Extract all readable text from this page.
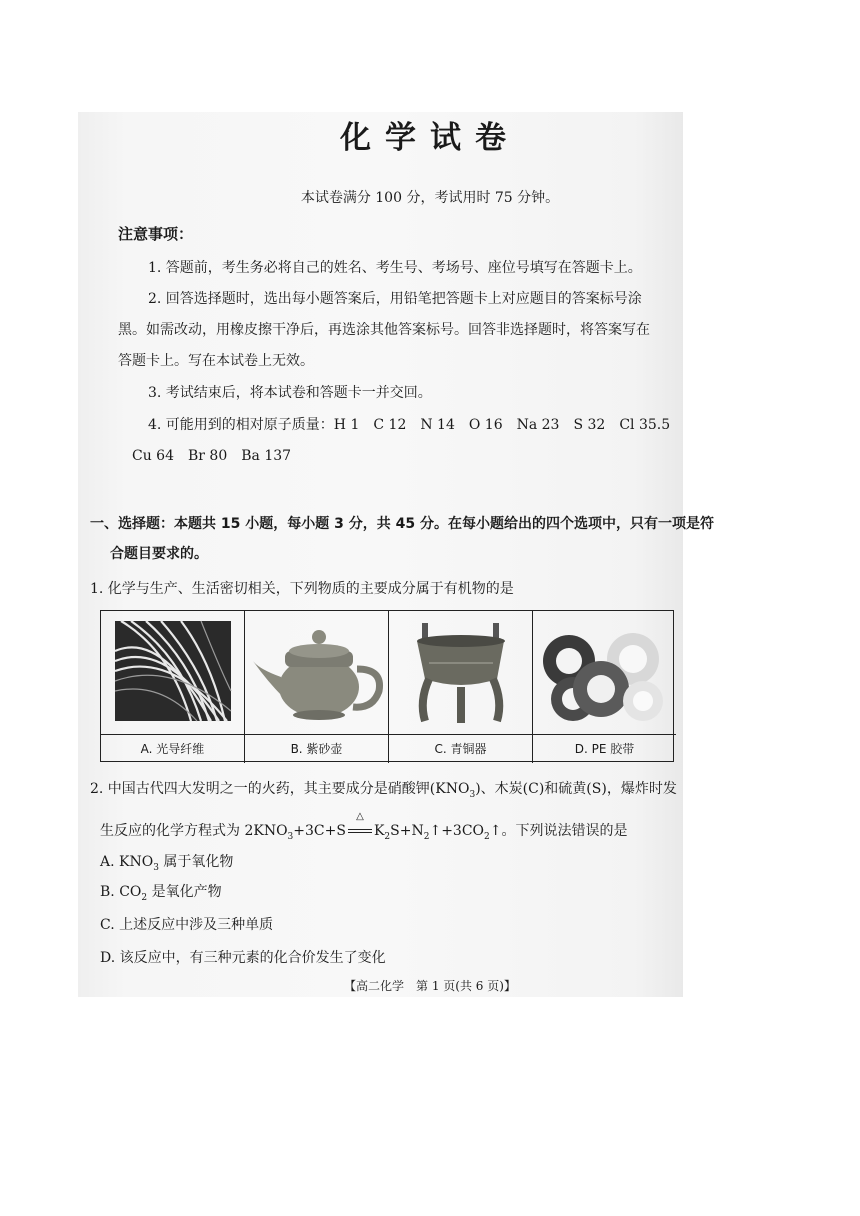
化学试卷
本试卷满分 100 分，考试用时 75 分钟。
注意事项：
1. 答题前，考生务必将自己的姓名、考生号、考场号、座位号填写在答题卡上。
2. 回答选择题时，选出每小题答案后，用铅笔把答题卡上对应题目的答案标号涂
黑。如需改动，用橡皮擦干净后，再选涂其他答案标号。回答非选择题时，将答案写在
答题卡上。写在本试卷上无效。
3. 考试结束后，将本试卷和答题卡一并交回。
4. 可能用到的相对原子质量：H 1　C 12　N 14　O 16　Na 23　S 32　Cl 35.5
Cu 64　Br 80　Ba 137
一、选择题：本题共 15 小题，每小题 3 分，共 45 分。在每小题给出的四个选项中，只有一项是符
合题目要求的。
1. 化学与生产、生活密切相关，下列物质的主要成分属于有机物的是
A. 光导纤维	B. 紫砂壶	C. 青铜器	D. PE 胶带
2. 中国古代四大发明之一的火药，其主要成分是硝酸钾$(KNO_3)$、木炭(C)和硫黄(S)，爆炸时发
生反应的化学方程式为 $2KNO_3+3C+S$
△
$K_2S+N_2↑+3CO_2↑$。下列说法错误的是
A. $KNO_3$ 属于氧化物
B. $CO_2$ 是氧化产物
C. 上述反应中涉及三种单质
D. 该反应中，有三种元素的化合价发生了变化
【高二化学　第 1 页(共 6 页)】
